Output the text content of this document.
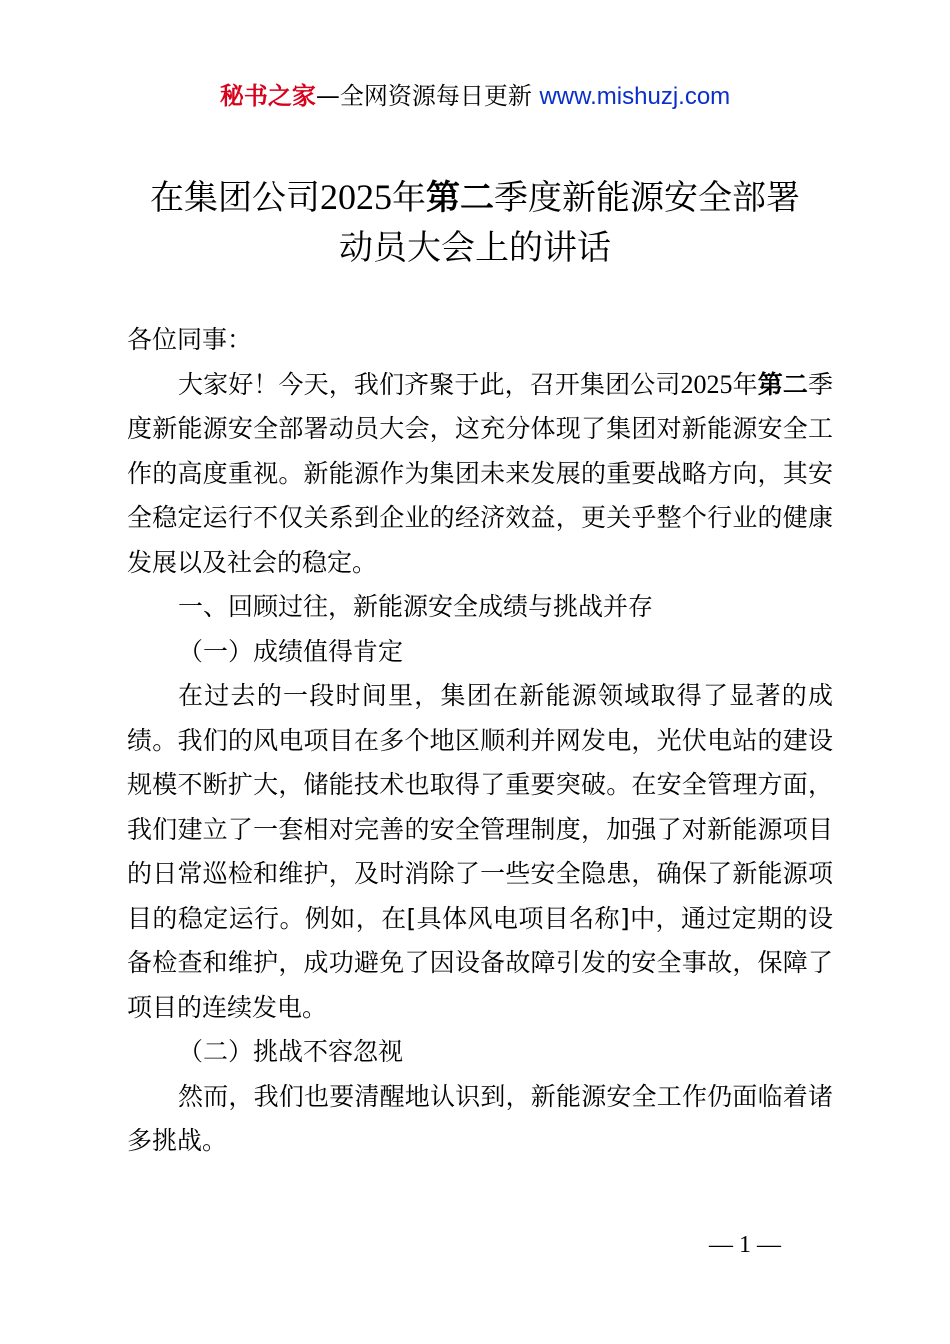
秘书之家—全网资源每日更新 www.mishuzj.com
在集团公司2025年第二季度新能源安全部署
动员大会上的讲话

各位同事：

大家好！今天，我们齐聚于此，召开集团公司2025年第二季度新能源安全部署动员大会，这充分体现了集团对新能源安全工作的高度重视。新能源作为集团未来发展的重要战略方向，其安全稳定运行不仅关系到企业的经济效益，更关乎整个行业的健康发展以及社会的稳定。

一、回顾过往，新能源安全成绩与挑战并存

（一）成绩值得肯定

在过去的一段时间里，集团在新能源领域取得了显著的成绩。我们的风电项目在多个地区顺利并网发电，光伏电站的建设规模不断扩大，储能技术也取得了重要突破。在安全管理方面，我们建立了一套相对完善的安全管理制度，加强了对新能源项目的日常巡检和维护，及时消除了一些安全隐患，确保了新能源项目的稳定运行。例如，在[具体风电项目名称]中，通过定期的设备检查和维护，成功避免了因设备故障引发的安全事故，保障了项目的连续发电。

（二）挑战不容忽视

然而，我们也要清醒地认识到，新能源安全工作仍面临着诸多挑战。

— 1 —
